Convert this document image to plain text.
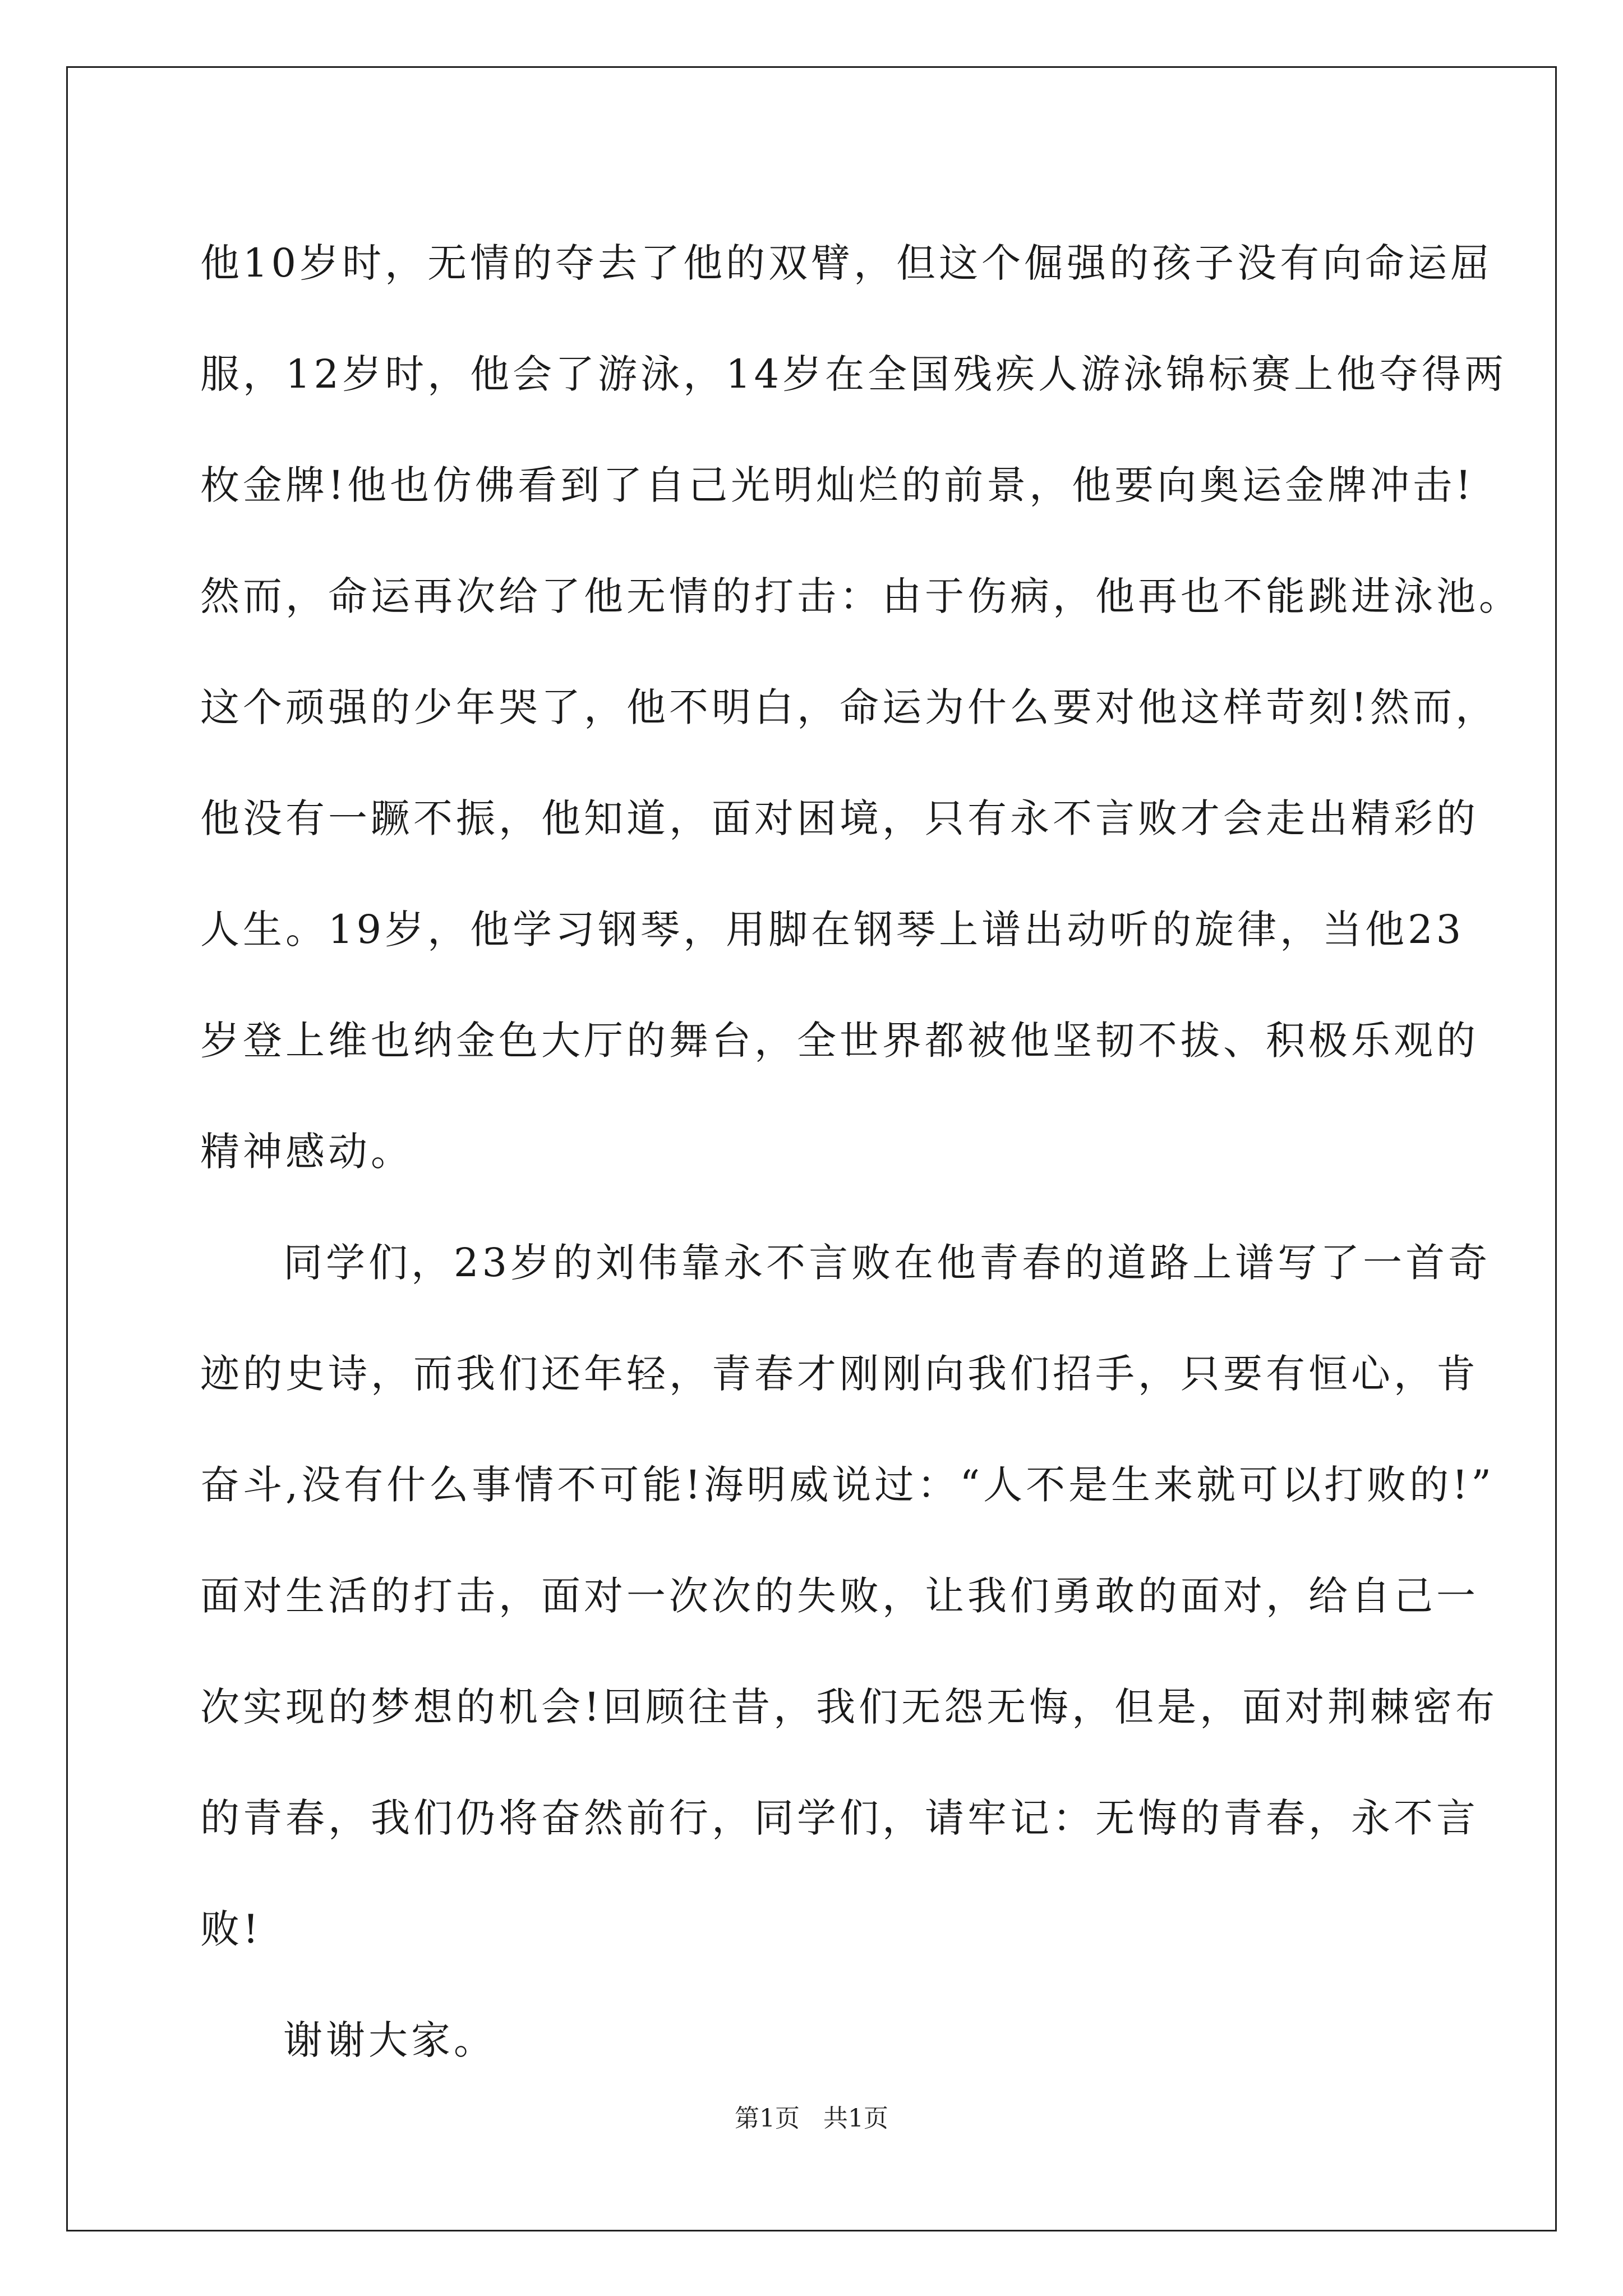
他10岁时，无情的夺去了他的双臂，但这个倔强的孩子没有向命运屈
服，12岁时，他会了游泳，14岁在全国残疾人游泳锦标赛上他夺得两
枚金牌!他也仿佛看到了自己光明灿烂的前景，他要向奥运金牌冲击!
然而，命运再次给了他无情的打击：由于伤病，他再也不能跳进泳池。
这个顽强的少年哭了，他不明白，命运为什么要对他这样苛刻!然而，
他没有一蹶不振，他知道，面对困境，只有永不言败才会走出精彩的
人生。19岁，他学习钢琴，用脚在钢琴上谱出动听的旋律，当他23
岁登上维也纳金色大厅的舞台，全世界都被他坚韧不拔、积极乐观的
精神感动。
同学们，23岁的刘伟靠永不言败在他青春的道路上谱写了一首奇
迹的史诗，而我们还年轻，青春才刚刚向我们招手，只要有恒心，肯
奋斗,没有什么事情不可能!海明威说过：“人不是生来就可以打败的!”
面对生活的打击，面对一次次的失败，让我们勇敢的面对，给自己一
次实现的梦想的机会!回顾往昔，我们无怨无悔，但是，面对荆棘密布
的青春，我们仍将奋然前行，同学们，请牢记：无悔的青春，永不言
败!
谢谢大家。
第1页   共1页
